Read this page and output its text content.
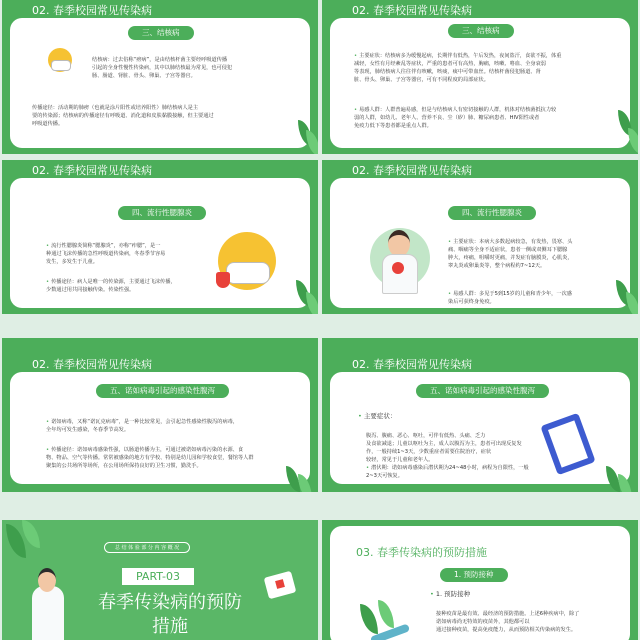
02. 春季校园常见传染病
三、结核病

结核病：过去俗称“痨病”，是由结核杆菌主要经呼吸道传播
引起的全身性慢性传染病，其中以肺结核最为常见，也可侵犯
肠、肠道、肾脏、骨头、卵巢、子宫等器官。

传播途径：活动期的肺痨（也就是涂片阳性或培养阳性）肺结核病人是主
要的传染源；结核病的传播途径有呼吸道、消化道和皮肤黏膜接触，但主要通过
呼吸道传播。

02. 春季校园常见传染病
三、结核病

• 主要症状：结核病多为缓慢起病，长期伴有低热，午后发热，夜间盗汗，食欲不振，体重
减轻，女性有月经紊乱等症状，严重的患者可有高热，胸痛，咳嗽、咯血、全身衰弱
等表现，肺结核病人往往伴有咳嗽，咳痰，痰中可带血丝。结核杆菌侵犯肠道、肾
脏、骨头、卵巢、子宫等器官，可有不同程度的局部症状。

• 易感人群：人群普遍易感，但是与结核病人有密切接触的人群，机体对结核菌抵抗力较
弱的人群，如幼儿、老年人、营养不良、尘（矽）肺、糖尿病患者、HIV阳性或者
免疫力低下等患者都是重点人群。

02. 春季校园常见传染病
四、流行性腮腺炎

• 流行性腮腺炎简称“腮腺炎”，亦称“痄腮”，是一
种通过飞沫传播的急性呼吸道传染病，冬春季节容易
发生，多发生于儿童。

• 传播途径：病人是唯一的传染源，主要通过飞沫传播，
少数通过用共同接触传染。传染性强。

02. 春季校园常见传染病
四、流行性腮腺炎

• 主要症状：本病大多数起病较急，有发热，畏寒、头
痛、咽痛等全身不适症状，患者一侧或双侧耳下腮腺
肿大，疼痛，咀嚼时更痛，并发症有脑膜炎，心肌炎，
睾丸炎或卵巢炎等，整个病程约7~12天。

• 易感人群：多见于5到15岁的儿童和青少年，一次感
染后可获终身免疫。

02. 春季校园常见传染病
五、诺如病毒引起的感染性腹泻

• 诺如病毒，又称“诺瓦克病毒”，是一种比较常见，会引起急性感染性腹泻的病毒，
全年均可发生感染，冬春季节高发。

• 传播途径：诺如病毒感染性强，以肠道传播为主，可通过被诺如病毒污染的水源、食
物、物品、空气等传播。常常被感染的地方有学校、特别是幼儿园和学校食堂，餐馆等人群
聚集的公共场所等场所，在公用场所保持良好的卫生习惯，勤洗手。

02. 春季校园常见传染病
五、诺如病毒引起的感染性腹泻
• 主要症状：

腹泻、腹痛、恶心、呕吐，可伴有低热、头痛、乏力
及食欲减退；儿童以呕吐为主，成人以腹泻为主，患者可出现反复发
作，一般持续1~3天，少数重症者需要住院治疗，症状
较轻，常见于儿童和老年人。

• 潜伏期：诺如病毒感染后潜伏期为24~48小时，病程为自限性，一般
2~3天可恢复。

总 结 体 验 部 分 内 容 概 况
PART-03
春季传染病的预防
措施
03. 春季传染病的预防措施
1. 预防接种
• 1. 预防接种

接种疫苗是最有效、最经济的预防措施。上述6种疾病中，除了
诺如病毒尚无特效的疫苗外，其他都可以
通过接种疫苗，提高免疫能力，从而预防相关传染病的发生。
